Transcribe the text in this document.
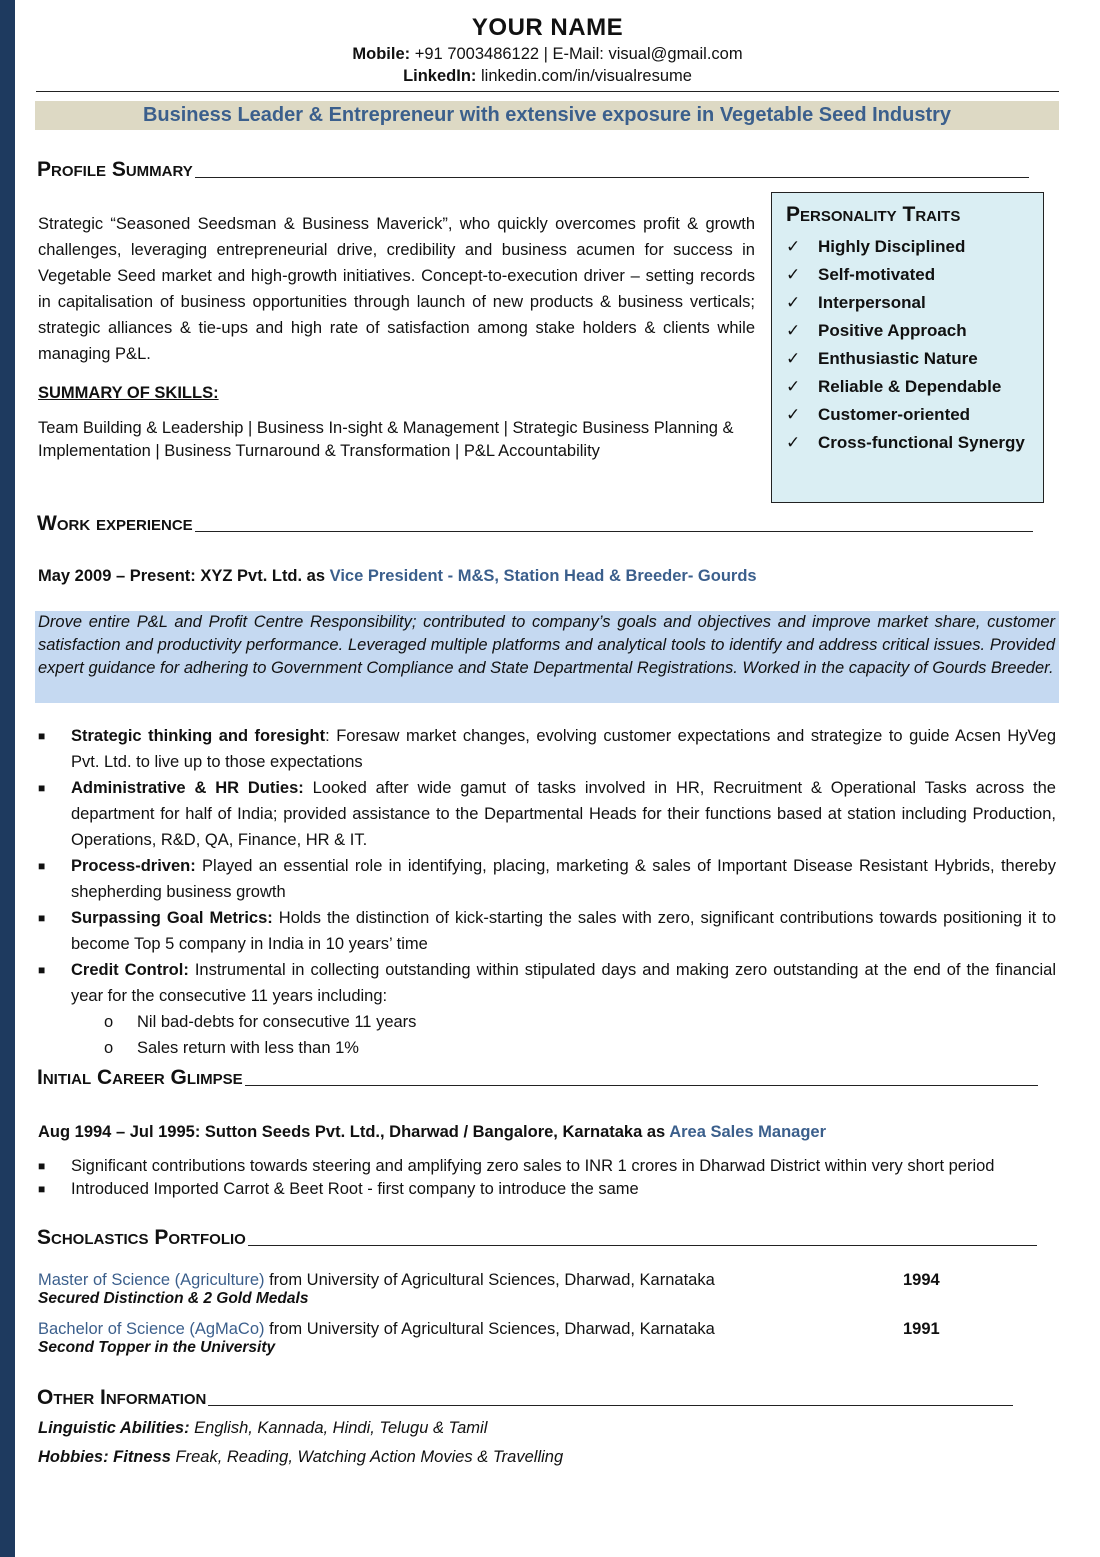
YOUR NAME
Mobile: +91 7003486122 | E-Mail: visual@gmail.com
LinkedIn: linkedin.com/in/visualresume
Business Leader & Entrepreneur with extensive exposure in Vegetable Seed Industry
Profile Summary
Strategic “Seasoned Seedsman & Business Maverick”, who quickly overcomes profit & growth challenges, leveraging entrepreneurial drive, credibility and business acumen for success in Vegetable Seed market and high-growth initiatives. Concept-to-execution driver – setting records in capitalisation of business opportunities through launch of new products & business verticals; strategic alliances & tie-ups and high rate of satisfaction among stake holders & clients while managing P&L.
SUMMARY OF SKILLS:
Team Building & Leadership | Business In-sight & Management | Strategic Business Planning & Implementation | Business Turnaround & Transformation | P&L Accountability
Personality Traits
✓	Highly Disciplined
✓	Self-motivated
✓	Interpersonal
✓	Positive Approach
✓	Enthusiastic Nature
✓	Reliable & Dependable
✓	Customer-oriented
✓	Cross-functional Synergy
Work experience
May 2009 – Present: XYZ Pvt. Ltd. as Vice President - M&S, Station Head & Breeder- Gourds
Drove entire P&L and Profit Centre Responsibility; contributed to company’s goals and objectives and improve market share, customer satisfaction and productivity performance. Leveraged multiple platforms and analytical tools to identify and address critical issues. Provided expert guidance for adhering to Government Compliance and State Departmental Registrations. Worked in the capacity of Gourds Breeder.
■	Strategic thinking and foresight: Foresaw market changes, evolving customer expectations and strategize to guide Acsen HyVeg Pvt. Ltd. to live up to those expectations
■	Administrative & HR Duties: Looked after wide gamut of tasks involved in HR, Recruitment & Operational Tasks across the department for half of India; provided assistance to the Departmental Heads for their functions based at station including Production, Operations, R&D, QA, Finance, HR & IT.
■	Process-driven: Played an essential role in identifying, placing, marketing & sales of Important Disease Resistant Hybrids, thereby shepherding business growth
■	Surpassing Goal Metrics: Holds the distinction of kick-starting the sales with zero, significant contributions towards positioning it to become Top 5 company in India in 10 years’ time
■	Credit Control: Instrumental in collecting outstanding within stipulated days and making zero outstanding at the end of the financial year for the consecutive 11 years including:
o	Nil bad-debts for consecutive 11 years
o	Sales return with less than 1%
Initial Career Glimpse
Aug 1994 – Jul 1995: Sutton Seeds Pvt. Ltd., Dharwad / Bangalore, Karnataka as Area Sales Manager
■	Significant contributions towards steering and amplifying zero sales to INR 1 crores in Dharwad District within very short period
■	Introduced Imported Carrot & Beet Root - first company to introduce the same
Scholastics Portfolio
Master of Science (Agriculture) from University of Agricultural Sciences, Dharwad, Karnataka	1994
Secured Distinction & 2 Gold Medals
Bachelor of Science (AgMaCo) from University of Agricultural Sciences, Dharwad, Karnataka	1991
Second Topper in the University
Other Information
Linguistic Abilities: English, Kannada, Hindi, Telugu & Tamil
Hobbies: Fitness Freak, Reading, Watching Action Movies & Travelling
